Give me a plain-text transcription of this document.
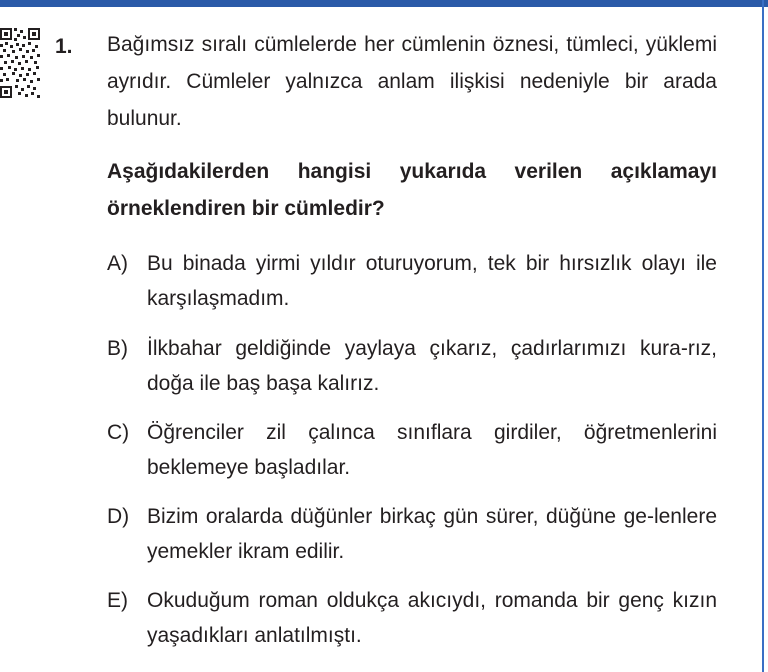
1. Bağımsız sıralı cümlelerde her cümlenin öznesi, tümleci, yüklemi ayrıdır. Cümleler yalnızca anlam ilişkisi nedeniyle bir arada bulunur.

Aşağıdakilerden hangisi yukarıda verilen açıklamayı örneklendiren bir cümledir?

A) Bu binada yirmi yıldır oturuyorum, tek bir hırsızlık olayı ile karşılaşmadım.

B) İlkbahar geldiğinde yaylaya çıkarız, çadırlarımızı kura-rız, doğa ile baş başa kalırız.

C) Öğrenciler zil çalınca sınıflara girdiler, öğretmenlerini beklemeye başladılar.

D) Bizim oralarda düğünler birkaç gün sürer, düğüne ge-lenlere yemekler ikram edilir.

E) Okuduğum roman oldukça akıcıydı, romanda bir genç kızın yaşadıkları anlatılmıştı.
